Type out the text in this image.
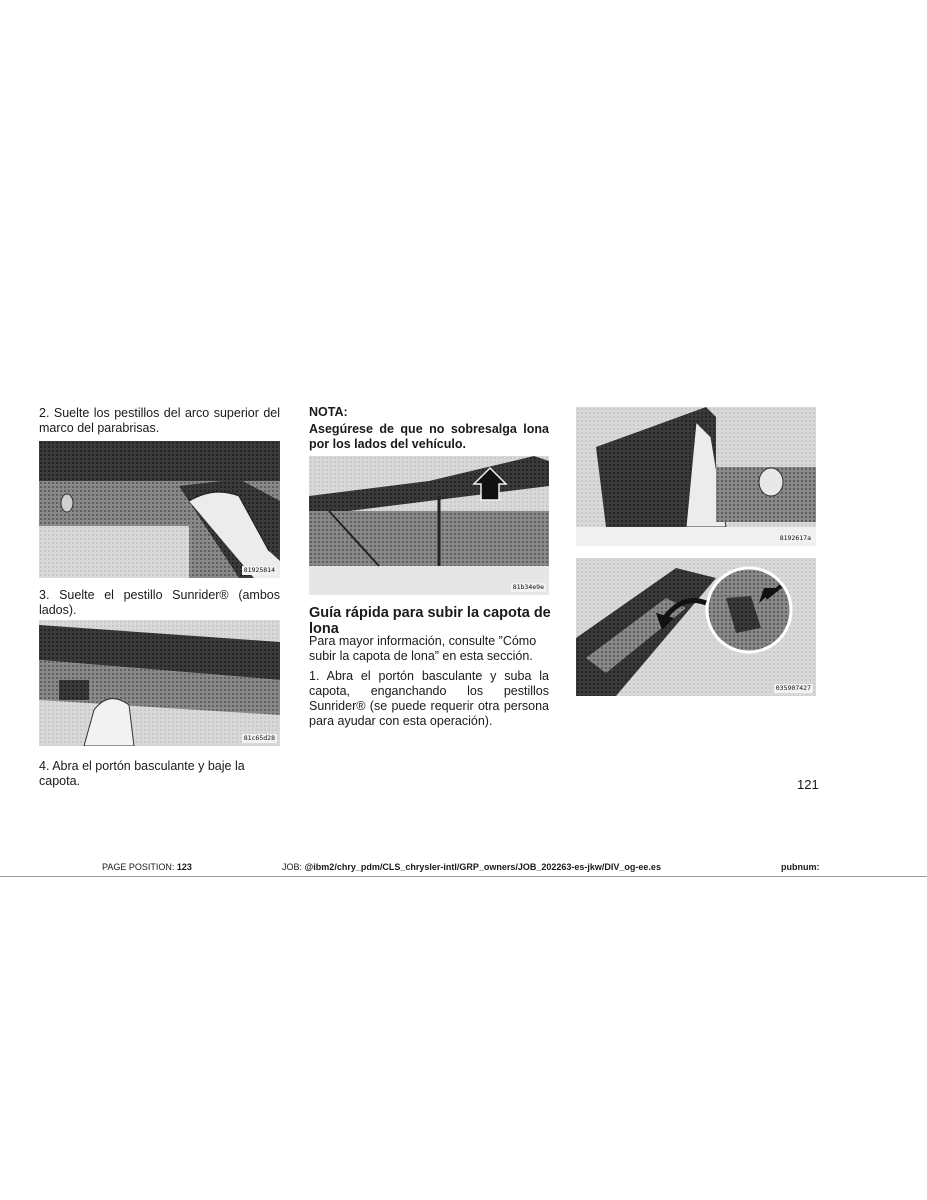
2. Suelte los pestillos del arco superior del marco del parabrisas.

81925814

3. Suelte el pestillo Sunrider® (ambos lados).

81c65d28

4. Abra el portón basculante y baje la capota.

NOTA:
Asegúrese de que no sobresalga lona por los lados del vehículo.
81b34e9e
Guía rápida para subir la capota de lona

Para mayor información, consulte ”Cómo subir la capota de lona” en esta sección.

1. Abra el portón basculante y suba la capota, enganchando los pestillos Sunrider® (se puede requerir otra persona para ayudar con esta operación).

8192617a
035907427
121
PAGE POSITION: 123	JOB: @ibm2/chry_pdm/CLS_chrysler-intl/GRP_owners/JOB_202263-es-jkw/DIV_og-ee.es	pubnum:
